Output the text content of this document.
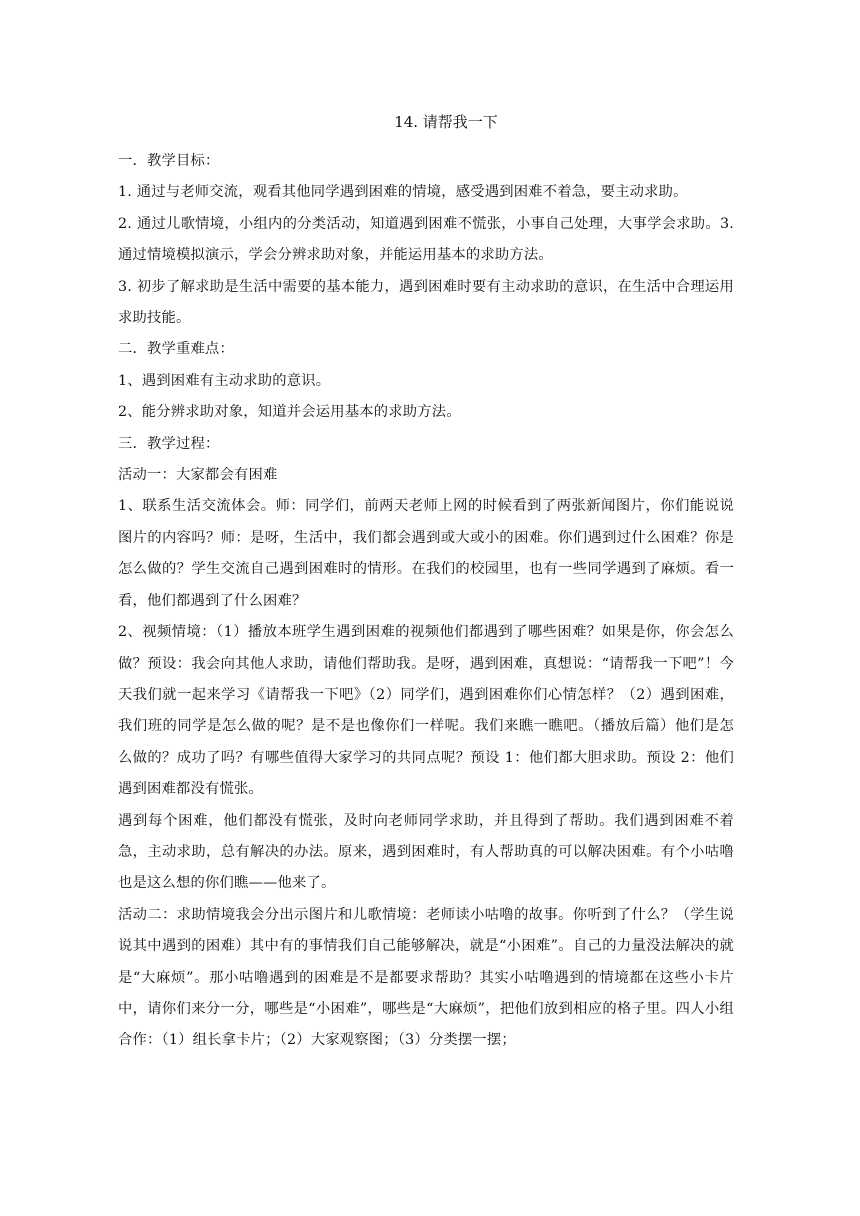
14. 请帮我一下

一．教学目标：

1. 通过与老师交流，观看其他同学遇到困难的情境，感受遇到困难不着急，要主动求助。

2. 通过儿歌情境，小组内的分类活动，知道遇到困难不慌张，小事自己处理，大事学会求助。3.通过情境模拟演示，学会分辨求助对象，并能运用基本的求助方法。

3. 初步了解求助是生活中需要的基本能力，遇到困难时要有主动求助的意识，在生活中合理运用求助技能。

二．教学重难点：

1、遇到困难有主动求助的意识。

2、能分辨求助对象，知道并会运用基本的求助方法。

三．教学过程：

活动一：大家都会有困难

1、联系生活交流体会。师：同学们，前两天老师上网的时候看到了两张新闻图片，你们能说说图片的内容吗？师：是呀，生活中，我们都会遇到或大或小的困难。你们遇到过什么困难？你是怎么做的？学生交流自己遇到困难时的情形。在我们的校园里，也有一些同学遇到了麻烦。看一看，他们都遇到了什么困难？

2、视频情境：（1）播放本班学生遇到困难的视频他们都遇到了哪些困难？如果是你，你会怎么做？预设：我会向其他人求助，请他们帮助我。是呀，遇到困难，真想说：“请帮我一下吧”！今天我们就一起来学习《请帮我一下吧》（2）同学们，遇到困难你们心情怎样？（2）遇到困难，我们班的同学是怎么做的呢？是不是也像你们一样呢。我们来瞧一瞧吧。（播放后篇）他们是怎么做的？成功了吗？有哪些值得大家学习的共同点呢？预设 1：他们都大胆求助。预设 2：他们遇到困难都没有慌张。

遇到每个困难，他们都没有慌张，及时向老师同学求助，并且得到了帮助。我们遇到困难不着急，主动求助，总有解决的办法。原来，遇到困难时，有人帮助真的可以解决困难。有个小咕噜也是这么想的你们瞧——他来了。

活动二：求助情境我会分出示图片和儿歌情境：老师读小咕噜的故事。你听到了什么？（学生说说其中遇到的困难）其中有的事情我们自己能够解决，就是“小困难”。自己的力量没法解决的就是“大麻烦”。那小咕噜遇到的困难是不是都要求帮助？其实小咕噜遇到的情境都在这些小卡片中，请你们来分一分，哪些是“小困难”，哪些是“大麻烦”，把他们放到相应的格子里。四人小组合作：（1）组长拿卡片；（2）大家观察图；（3）分类摆一摆；
